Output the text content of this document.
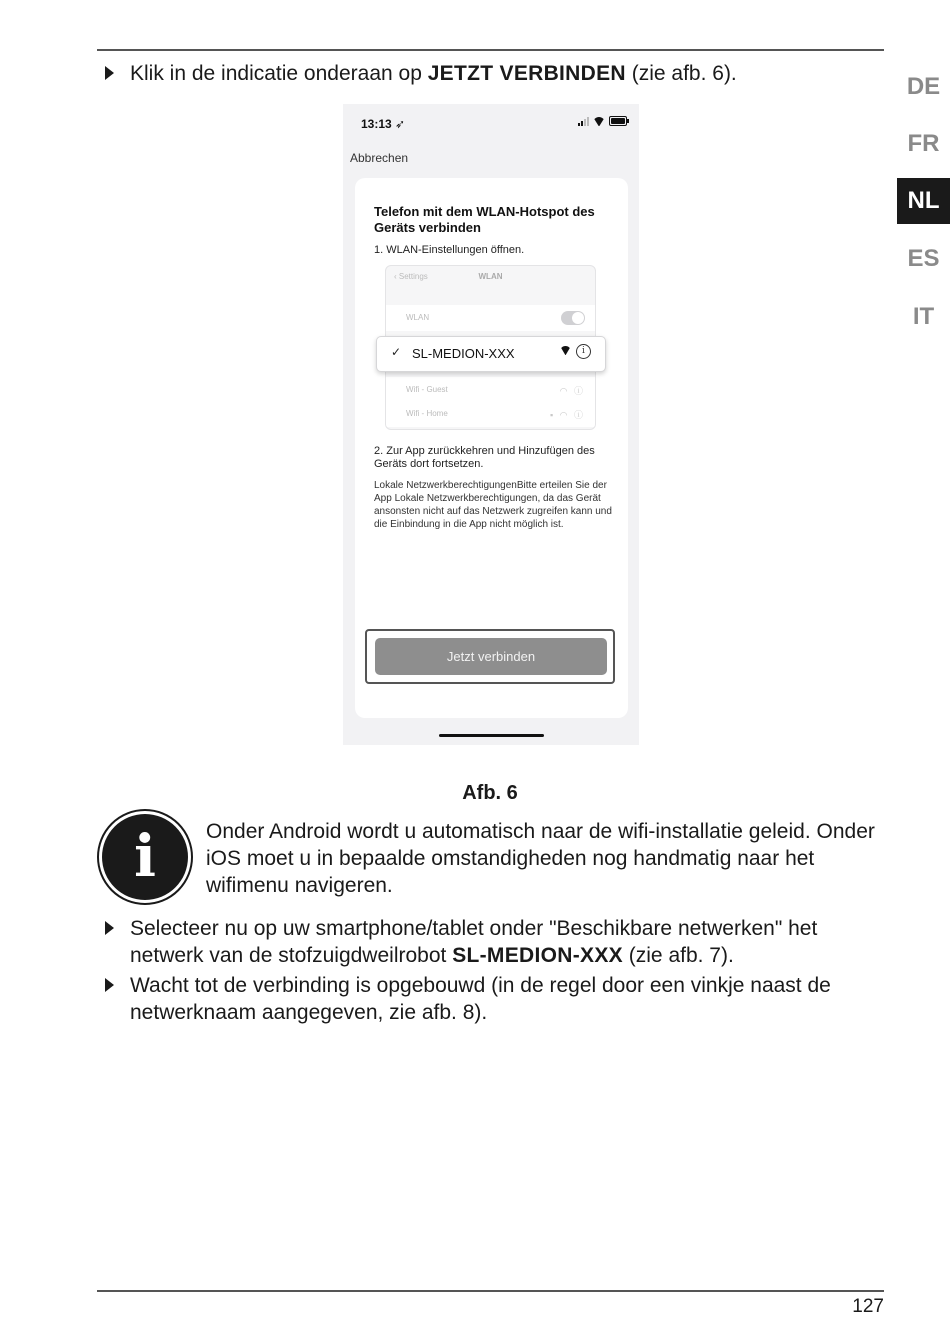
DE
FR
NL
ES
IT
Klik in de indicatie onderaan op JETZT VERBINDEN (zie afb. 6).
13:13 ➶
Abbrechen
Telefon mit dem WLAN-Hotspot des Geräts verbinden
1. WLAN-Einstellungen öffnen.
‹ Settings	WLAN
WLAN
Wifi - Guest	◠ ⓘ
Wifi - Home	▪ ◠ ⓘ
✓ SL-MEDION-XXX	i
2. Zur App zurückkehren und Hinzufügen des Geräts dort fortsetzen.
Lokale NetzwerkberechtigungenBitte erteilen Sie der App Lokale Netzwerkberechtigungen, da das Gerät ansonsten nicht auf das Netzwerk zugreifen kann und die Einbindung in die App nicht möglich ist.
Jetzt verbinden
Afb. 6
i	Onder Android wordt u automatisch naar de wifi-installatie geleid. Onder iOS moet u in bepaalde omstandigheden nog handmatig naar het wifimenu navigeren.
Selecteer nu op uw smartphone/tablet onder "Beschikbare netwerken" het netwerk van de stofzuigdweilrobot SL-MEDION-XXX (zie afb. 7).
Wacht tot de verbinding is opgebouwd (in de regel door een vinkje naast de netwerknaam aangegeven, zie afb. 8).
127
